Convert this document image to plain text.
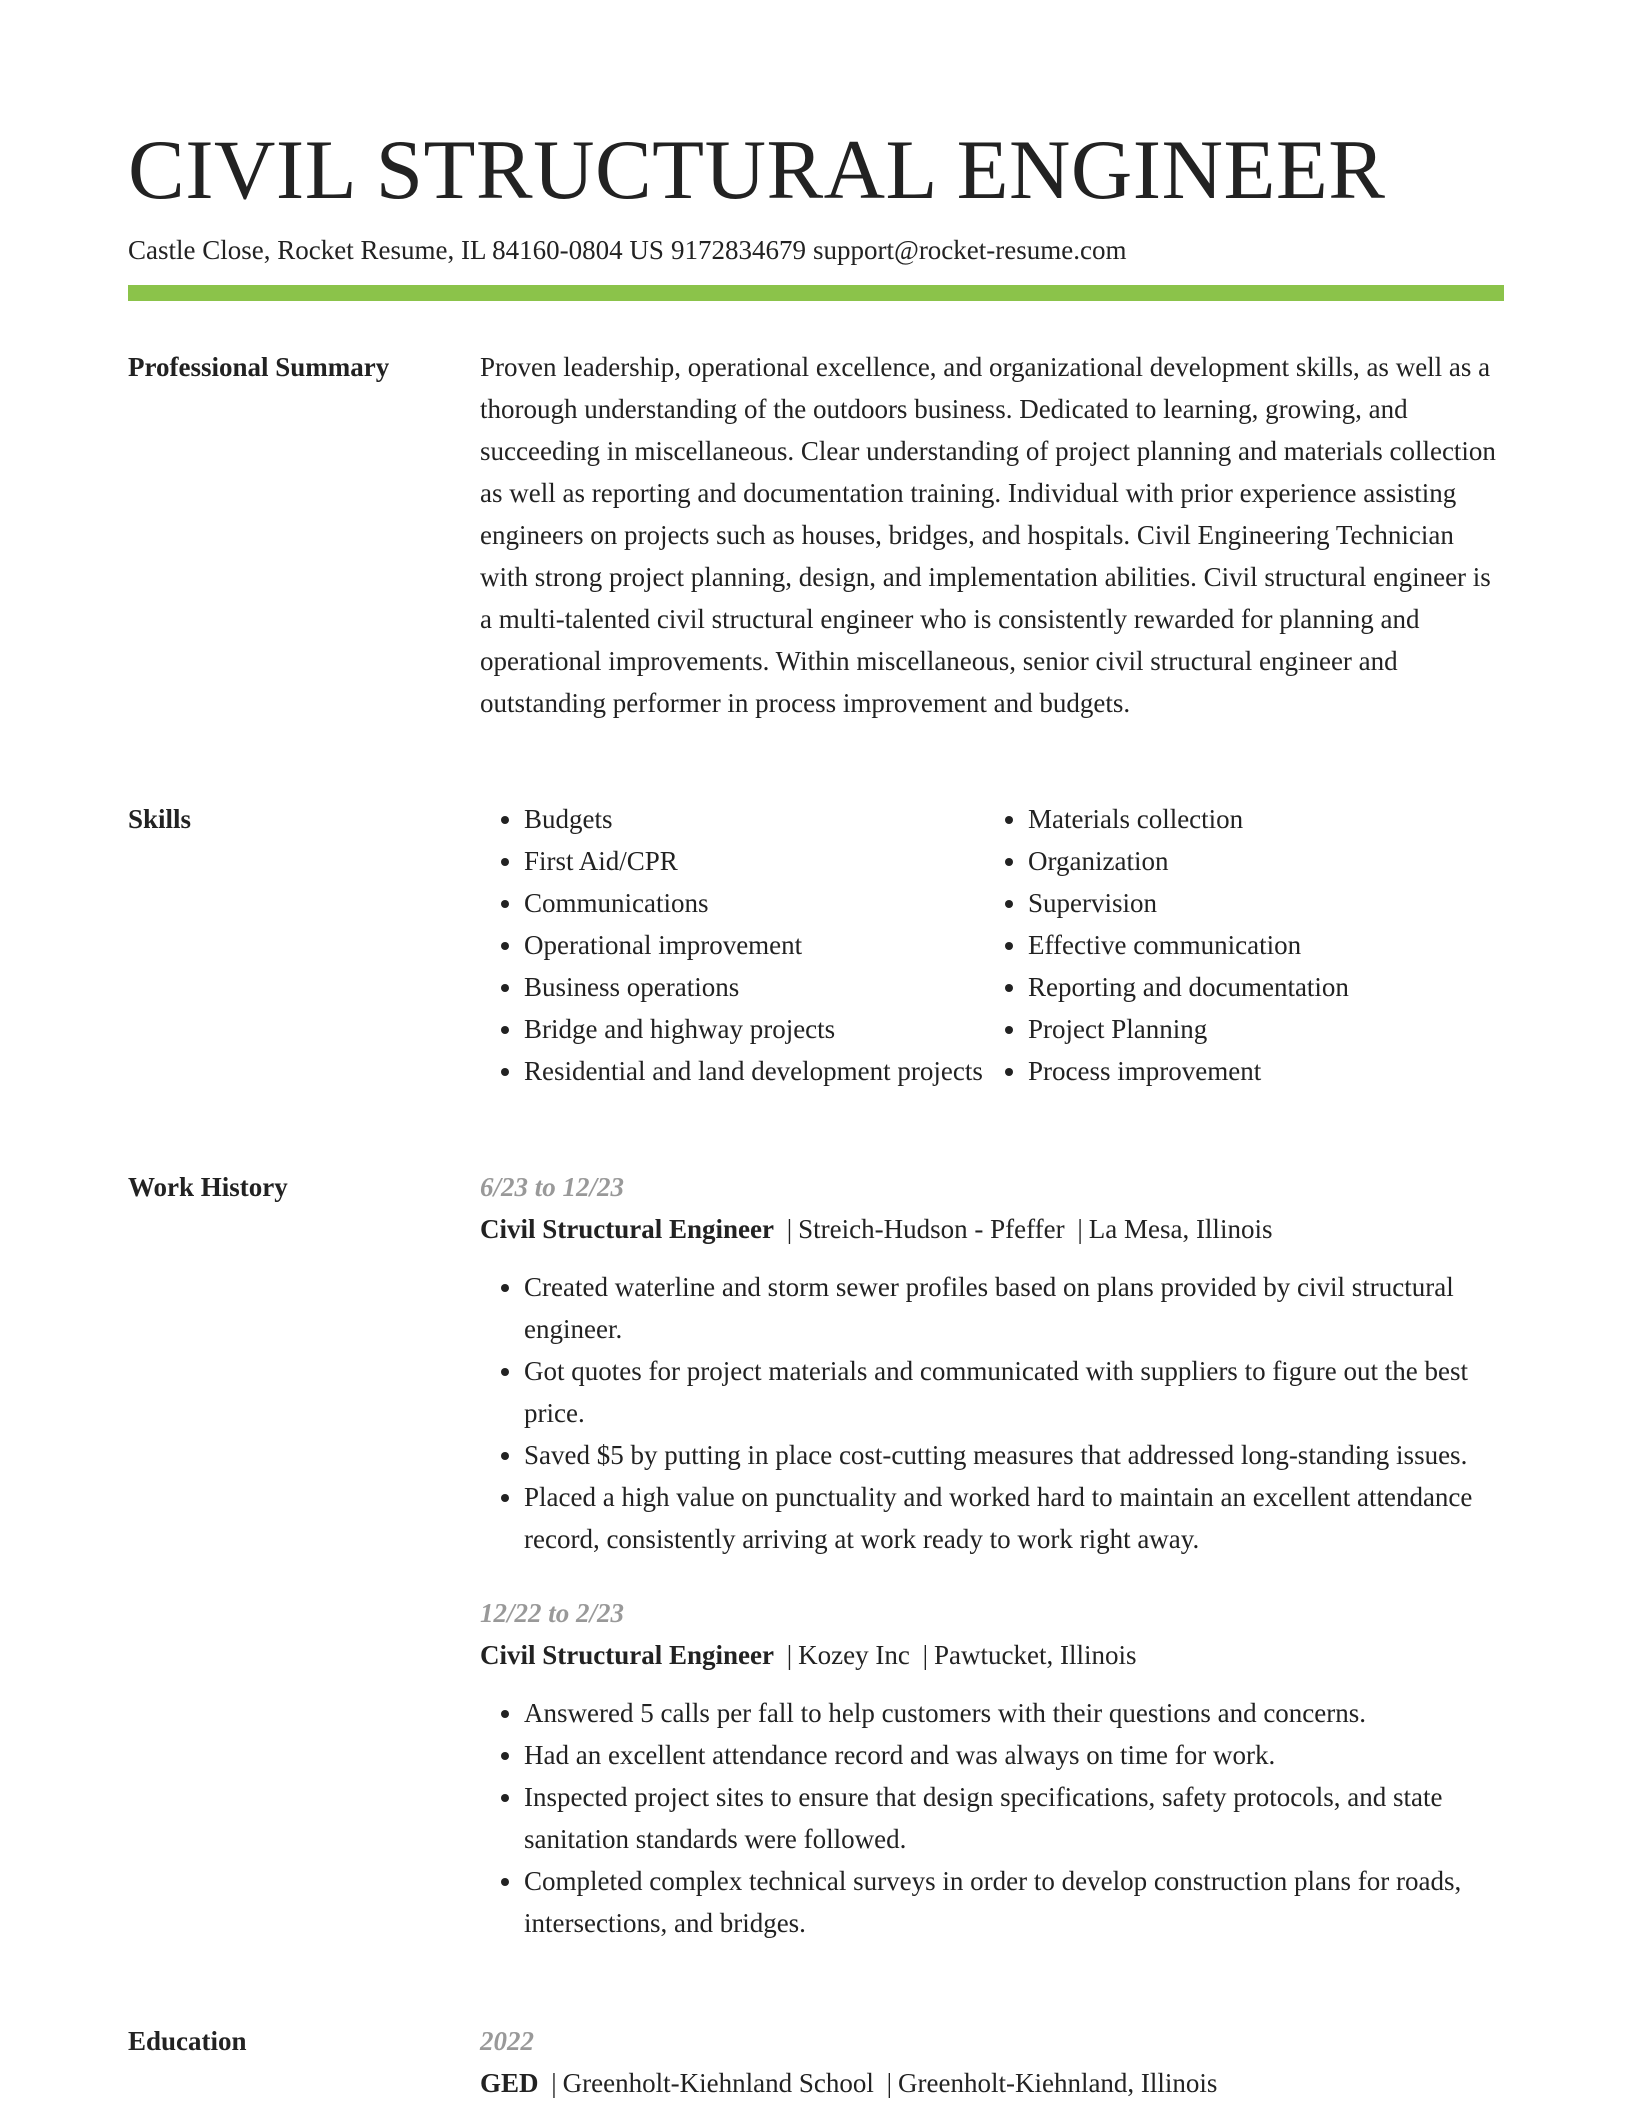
CIVIL STRUCTURAL ENGINEER
Castle Close, Rocket Resume, IL 84160-0804 US 9172834679 support@rocket-resume.com
Professional Summary	Proven leadership, operational excellence, and organizational development skills, as well as a thorough understanding of the outdoors business. Dedicated to learning, growing, and succeeding in miscellaneous. Clear understanding of project planning and materials collection as well as reporting and documentation training. Individual with prior experience assisting engineers on projects such as houses, bridges, and hospitals. Civil Engineering Technician with strong project planning, design, and implementation abilities. Civil structural engineer is a multi-talented civil structural engineer who is consistently rewarded for planning and operational improvements. Within miscellaneous, senior civil structural engineer and outstanding performer in process improvement and budgets.

Skills
•	Budgets
• First Aid/CPR
• Communications
• Operational improvement
• Business operations
• Bridge and highway projects
• Residential and land development projects
• Materials collection
• Organization
• Supervision
• Effective communication
• Reporting and documentation
• Project Planning
• Process improvement
Work History	6/23 to 12/23
Civil Structural Engineer | Streich-Hudson - Pfeffer | La Mesa, Illinois
• Created waterline and storm sewer profiles based on plans provided by civil structural engineer.
• Got quotes for project materials and communicated with suppliers to figure out the best price.
• Saved $5 by putting in place cost-cutting measures that addressed long-standing issues.
• Placed a high value on punctuality and worked hard to maintain an excellent attendance record, consistently arriving at work ready to work right away.
12/22 to 2/23
Civil Structural Engineer | Kozey Inc | Pawtucket, Illinois
• Answered 5 calls per fall to help customers with their questions and concerns.
• Had an excellent attendance record and was always on time for work.
• Inspected project sites to ensure that design specifications, safety protocols, and state sanitation standards were followed.
• Completed complex technical surveys in order to develop construction plans for roads, intersections, and bridges.
Education	2022
GED | Greenholt-Kiehnland School | Greenholt-Kiehnland, Illinois
